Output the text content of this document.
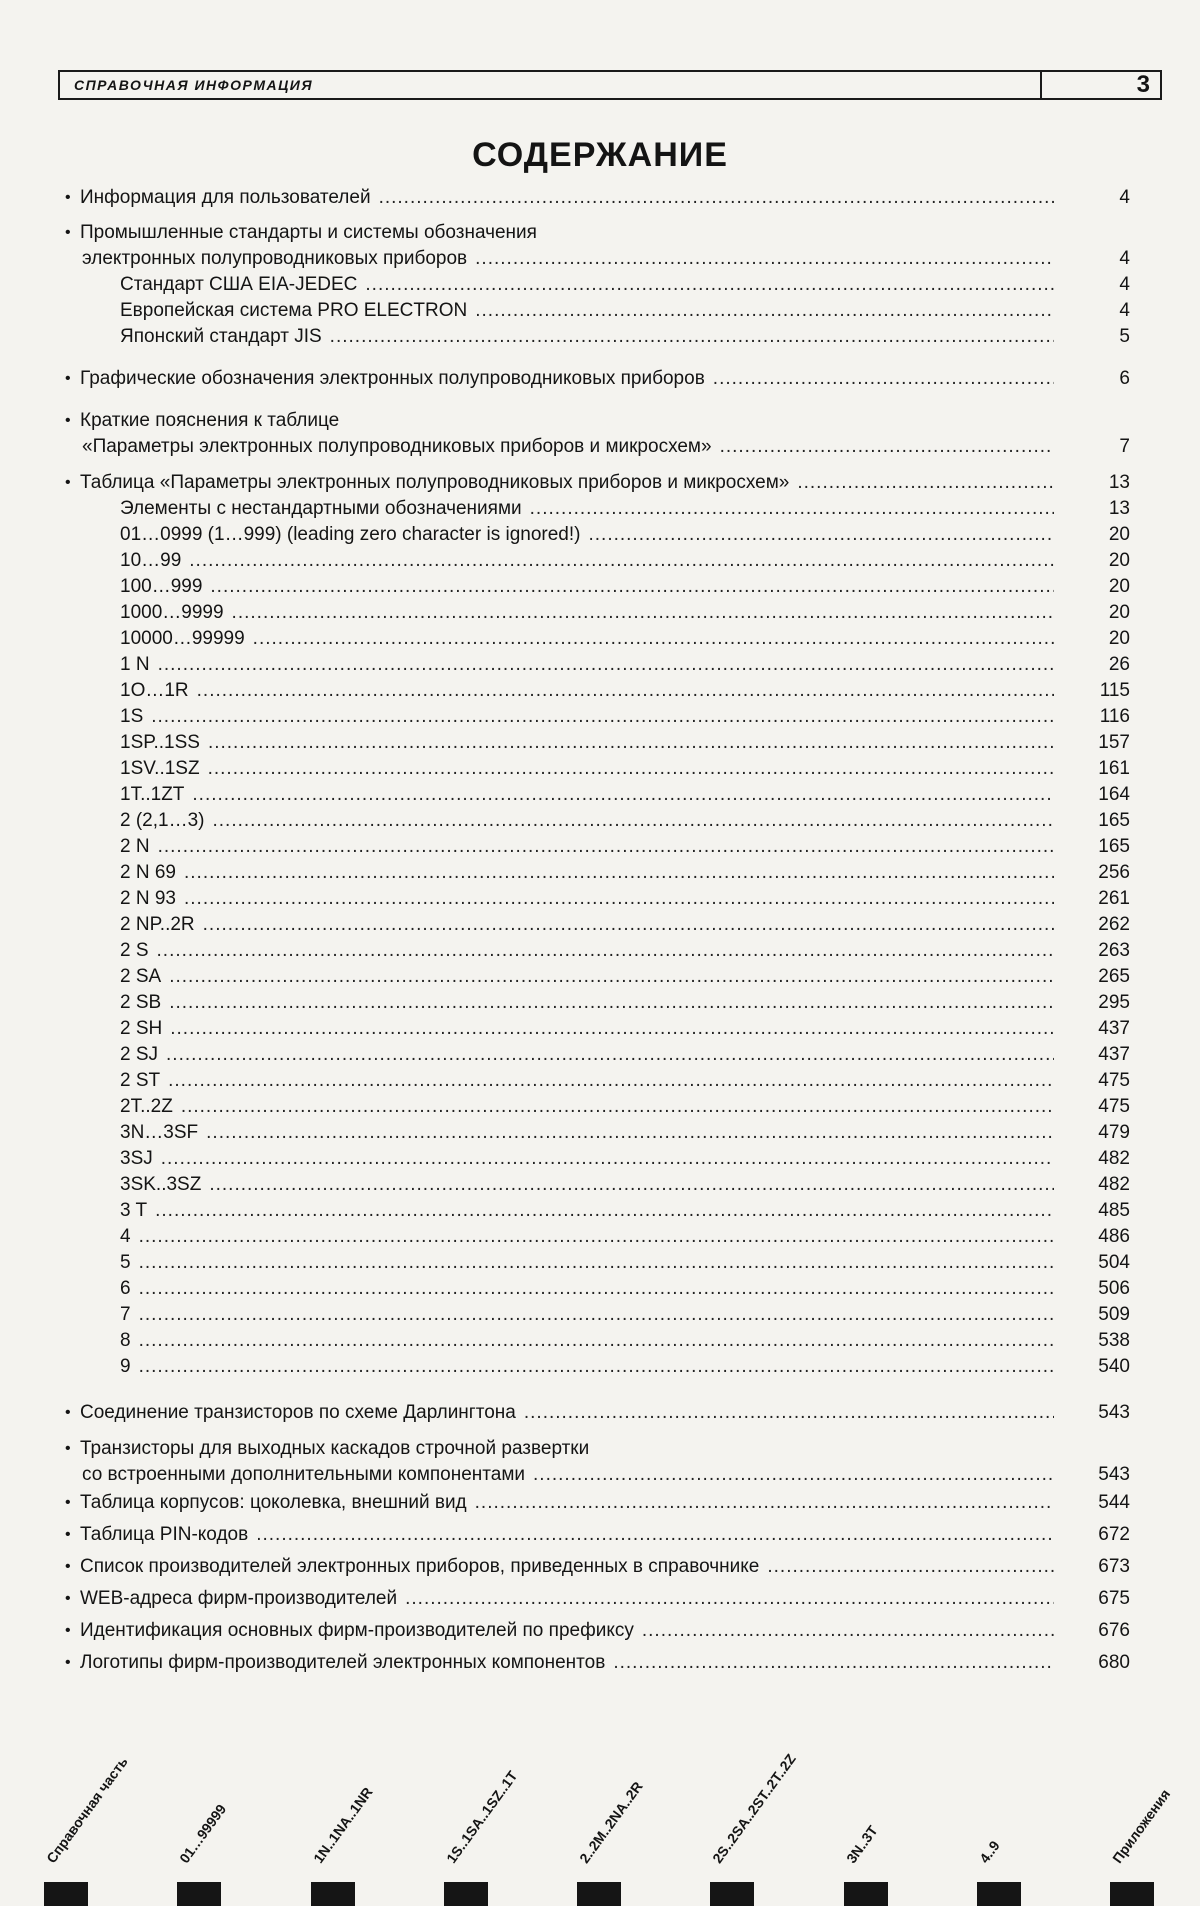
СПРАВОЧНАЯ ИНФОРМАЦИЯ	3
СОДЕРЖАНИЕ
• Информация для пользователей .....	4
• Промышленные стандарты и системы обозначения
электронных полупроводниковых приборов .....	4
Стандарт США EIA-JEDEC .....	4
Европейская система PRO ELECTRON .....	4
Японский стандарт JIS .....	5
• Графические обозначения электронных полупроводниковых приборов .....	6
• Краткие пояснения к таблице
«Параметры электронных полупроводниковых приборов и микросхем» .....	7
• Таблица «Параметры электронных полупроводниковых приборов и микросхем» .....	13
Элементы с нестандартными обозначениями .....	13
01…0999 (1…999) (leading zero character is ignored!) .....	20
10…99 .....	20
100…999 .....	20
1000…9999 .....	20
10000…99999 .....	20
1 N .....	26
1O…1R .....	115
1S .....	116
1SP..1SS .....	157
1SV..1SZ .....	161
1T..1ZT .....	164
2 (2,1…3) .....	165
2 N .....	165
2 N 69 .....	256
2 N 93 .....	261
2 NP..2R .....	262
2 S .....	263
2 SA .....	265
2 SB .....	295
2 SH .....	437
2 SJ .....	437
2 ST .....	475
2T..2Z .....	475
3N…3SF .....	479
3SJ .....	482
3SK..3SZ .....	482
3 T .....	485
4 .....	486
5 .....	504
6 .....	506
7 .....	509
8 .....	538
9 .....	540
• Соединение транзисторов по схеме Дарлингтона .....	543
• Транзисторы для выходных каскадов строчной развертки
со встроенными дополнительными компонентами .....	543
• Таблица корпусов: цоколевка, внешний вид .....	544
• Таблица PIN-кодов .....	672
• Список производителей электронных приборов, приведенных в справочнике .....	673
• WEB-адреса фирм-производителей .....	675
• Идентификация основных фирм-производителей по префиксу .....	676
• Логотипы фирм-производителей электронных компонентов .....	680
Справочная часть	01…99999	1N..1NA..1NR	1S..1SA..1SZ..1T	2..2M..2NA..2R	2S..2SA..2ST..2T..2Z	3N..3T	4..9	Приложения
